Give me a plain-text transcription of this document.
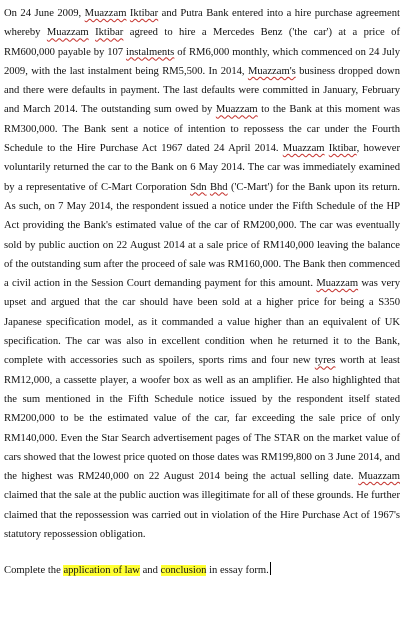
On 24 June 2009, Muazzam Iktibar and Putra Bank entered into a hire purchase agreement whereby Muazzam Iktibar agreed to hire a Mercedes Benz ('the car') at a price of RM600,000 payable by 107 instalments of RM6,000 monthly, which commenced on 24 July 2009, with the last instalment being RM5,500. In 2014, Muazzam's business dropped down and there were defaults in payment. The last defaults were committed in January, February and March 2014. The outstanding sum owed by Muazzam to the Bank at this moment was RM300,000. The Bank sent a notice of intention to repossess the car under the Fourth Schedule to the Hire Purchase Act 1967 dated 24 April 2014. Muazzam Iktibar, however voluntarily returned the car to the Bank on 6 May 2014. The car was immediately examined by a representative of C-Mart Corporation Sdn Bhd ('C-Mart') for the Bank upon its return. As such, on 7 May 2014, the respondent issued a notice under the Fifth Schedule of the HP Act providing the Bank's estimated value of the car of RM200,000. The car was eventually sold by public auction on 22 August 2014 at a sale price of RM140,000 leaving the balance of the outstanding sum after the proceed of sale was RM160,000. The Bank then commenced a civil action in the Session Court demanding payment for this amount. Muazzam was very upset and argued that the car should have been sold at a higher price for being a S350 Japanese specification model, as it commanded a value higher than an equivalent of UK specification. The car was also in excellent condition when he returned it to the Bank, complete with accessories such as spoilers, sports rims and four new tyres worth at least RM12,000, a cassette player, a woofer box as well as an amplifier. He also highlighted that the sum mentioned in the Fifth Schedule notice issued by the respondent itself stated RM200,000 to be the estimated value of the car, far exceeding the sale price of only RM140,000. Even the Star Search advertisement pages of The STAR on the market value of cars showed that the lowest price quoted on those dates was RM199,800 on 3 June 2014, and the highest was RM240,000 on 22 August 2014 being the actual selling date. Muazzam claimed that the sale at the public auction was illegitimate for all of these grounds. He further claimed that the repossession was carried out in violation of the Hire Purchase Act of 1967's statutory repossession obligation.

Complete the application of law and conclusion in essay form.
